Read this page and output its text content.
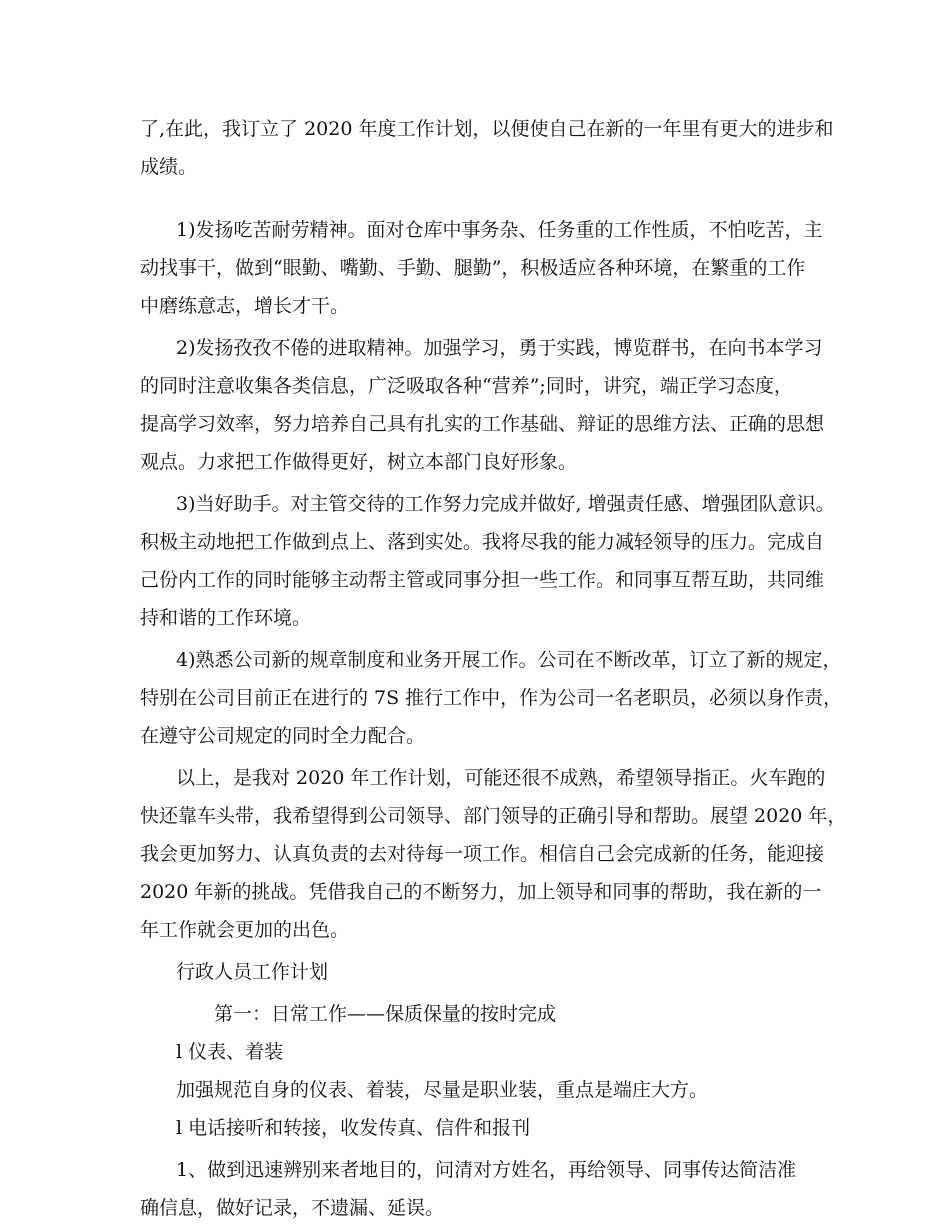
了,在此，我订立了 2020 年度工作计划，以便使自己在新的一年里有更大的进步和

成绩。

1)发扬吃苦耐劳精神。面对仓库中事务杂、任务重的工作性质，不怕吃苦，主

动找事干，做到“眼勤、嘴勤、手勤、腿勤”，积极适应各种环境，在繁重的工作

中磨练意志，增长才干。

2)发扬孜孜不倦的进取精神。加强学习，勇于实践，博览群书，在向书本学习

的同时注意收集各类信息，广泛吸取各种“营养”;同时，讲究，端正学习态度，

提高学习效率，努力培养自己具有扎实的工作基础、辩证的思维方法、正确的思想

观点。力求把工作做得更好，树立本部门良好形象。

3)当好助手。对主管交待的工作努力完成并做好, 增强责任感、增强团队意识。

积极主动地把工作做到点上、落到实处。我将尽我的能力减轻领导的压力。完成自

己份内工作的同时能够主动帮主管或同事分担一些工作。和同事互帮互助，共同维

持和谐的工作环境。

4)熟悉公司新的规章制度和业务开展工作。公司在不断改革，订立了新的规定，

特别在公司目前正在进行的 7S 推行工作中，作为公司一名老职员，必须以身作责，

在遵守公司规定的同时全力配合。

以上，是我对 2020 年工作计划，可能还很不成熟，希望领导指正。火车跑的

快还靠车头带，我希望得到公司领导、部门领导的正确引导和帮助。展望 2020 年，

我会更加努力、认真负责的去对待每一项工作。相信自己会完成新的任务，能迎接

2020 年新的挑战。凭借我自己的不断努力，加上领导和同事的帮助，我在新的一

年工作就会更加的出色。

行政人员工作计划

第一：日常工作——保质保量的按时完成

l 仪表、着装

加强规范自身的仪表、着装，尽量是职业装，重点是端庄大方。

l 电话接听和转接，收发传真、信件和报刊

1、做到迅速辨别来者地目的，问清对方姓名，再给领导、同事传达简洁准

确信息，做好记录，不遗漏、延误。
